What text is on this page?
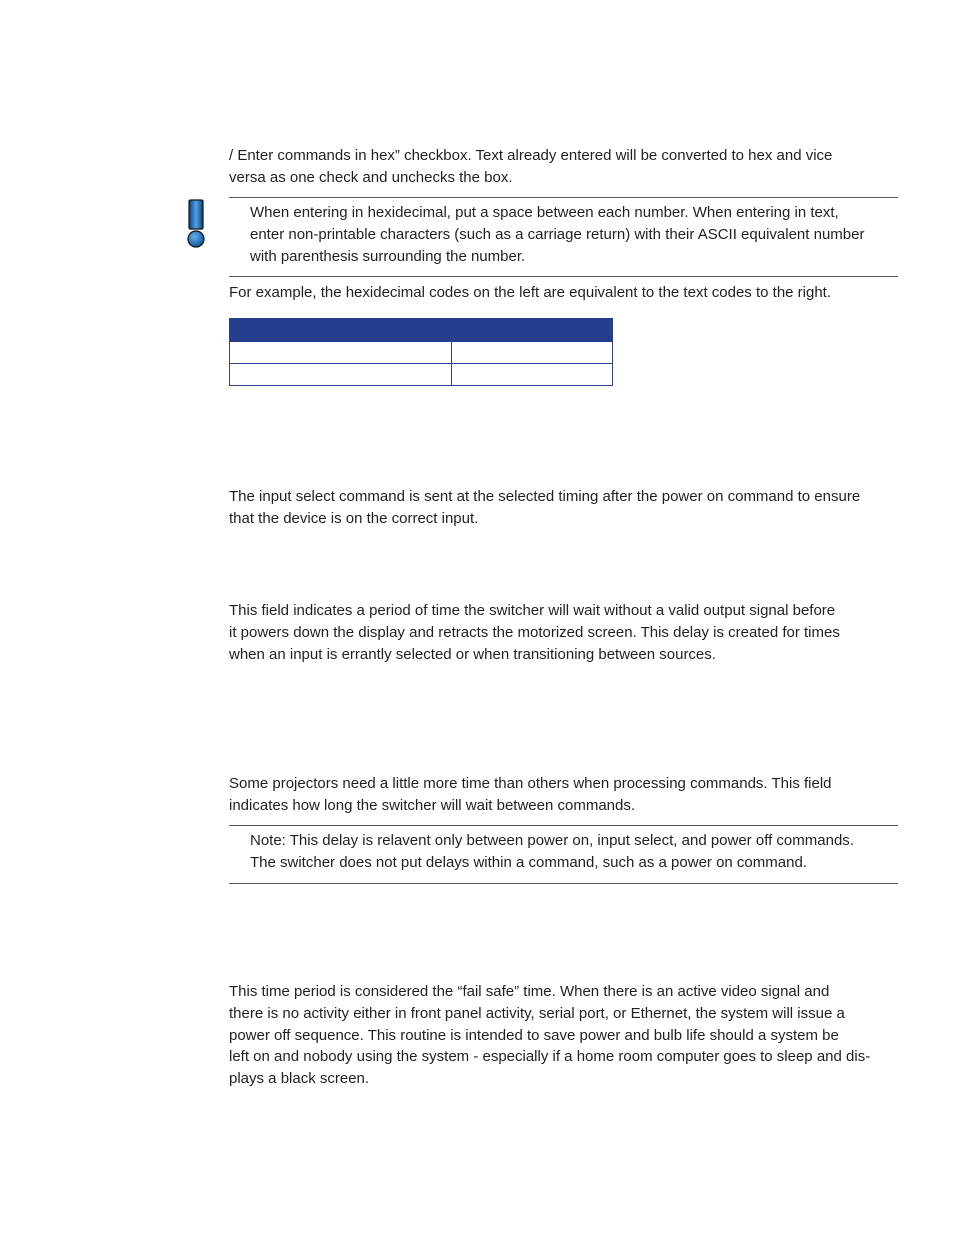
/ Enter commands in hex” checkbox. Text already entered will be converted to hex and vice
versa as one check and unchecks the box.
When entering in hexidecimal, put a space between each number. When entering in text,
enter non-printable characters (such as a carriage return) with their ASCII equivalent number
with parenthesis surrounding the number.
For example, the hexidecimal codes on the left are equivalent to the text codes to the right.

The input select command is sent at the selected timing after the power on command to ensure
that the device is on the correct input.
This field indicates a period of time the switcher will wait without a valid output signal before
it powers down the display and retracts the motorized screen. This delay is created for times
when an input is errantly selected or when transitioning between sources.
Some projectors need a little more time than others when processing commands. This field
indicates how long the switcher will wait between commands.
Note: This delay is relavent only between power on, input select, and power off commands.
The switcher does not put delays within a command, such as a power on command.
This time period is considered the “fail safe” time. When there is an active video signal and
there is no activity either in front panel activity, serial port, or Ethernet, the system will issue a
power off sequence. This routine is intended to save power and bulb life should a system be
left on and nobody using the system - especially if a home room computer goes to sleep and dis-
plays a black screen.
